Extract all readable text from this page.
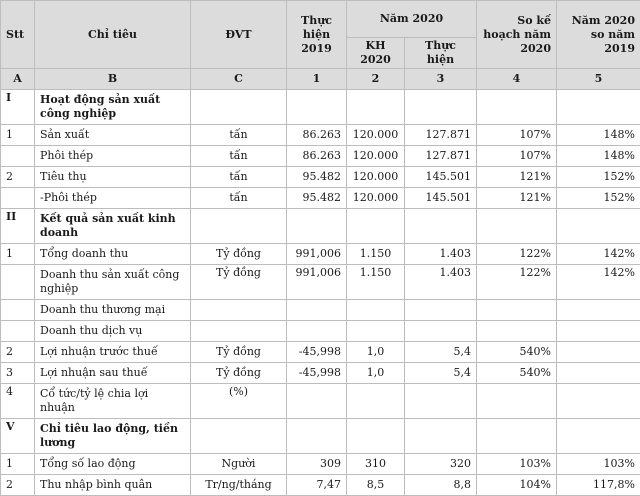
Stt	Chỉ tiêu	ĐVT	Thực hiện 2019	Năm 2020		So kế hoạch năm 2020	Năm 2020 so năm 2019
				KH 2020	Thực hiện		
A	B	C	1	2	3	4	5
I	Hoạt động sản xuất công nghiệp						
1	Sản xuất	tấn	86.263	120.000	127.871	107%	148%
	Phôi thép	tấn	86.263	120.000	127.871	107%	148%
2	Tiêu thụ	tấn	95.482	120.000	145.501	121%	152%
	-Phôi thép	tấn	95.482	120.000	145.501	121%	152%
II	Kết quả sản xuất kinh doanh						
1	Tổng doanh thu	Tỷ đồng	991,006	1.150	1.403	122%	142%
	Doanh thu sản xuất công nghiệp	Tỷ đồng	991,006	1.150	1.403	122%	142%
	Doanh thu thương mại						
	Doanh thu dịch vụ						
2	Lợi nhuận trước thuế	Tỷ đồng	-45,998	1,0	5,4	540%	
3	Lợi nhuận sau thuế	Tỷ đồng	-45,998	1,0	5,4	540%	
4	Cổ tức/tỷ lệ chia lợi nhuận	(%)					
V	Chỉ tiêu lao động, tiền lương						
1	Tổng số lao động	Người	309	310	320	103%	103%
2	Thu nhập bình quân	Tr/ng/tháng	7,47	8,5	8,8	104%	117,8%
